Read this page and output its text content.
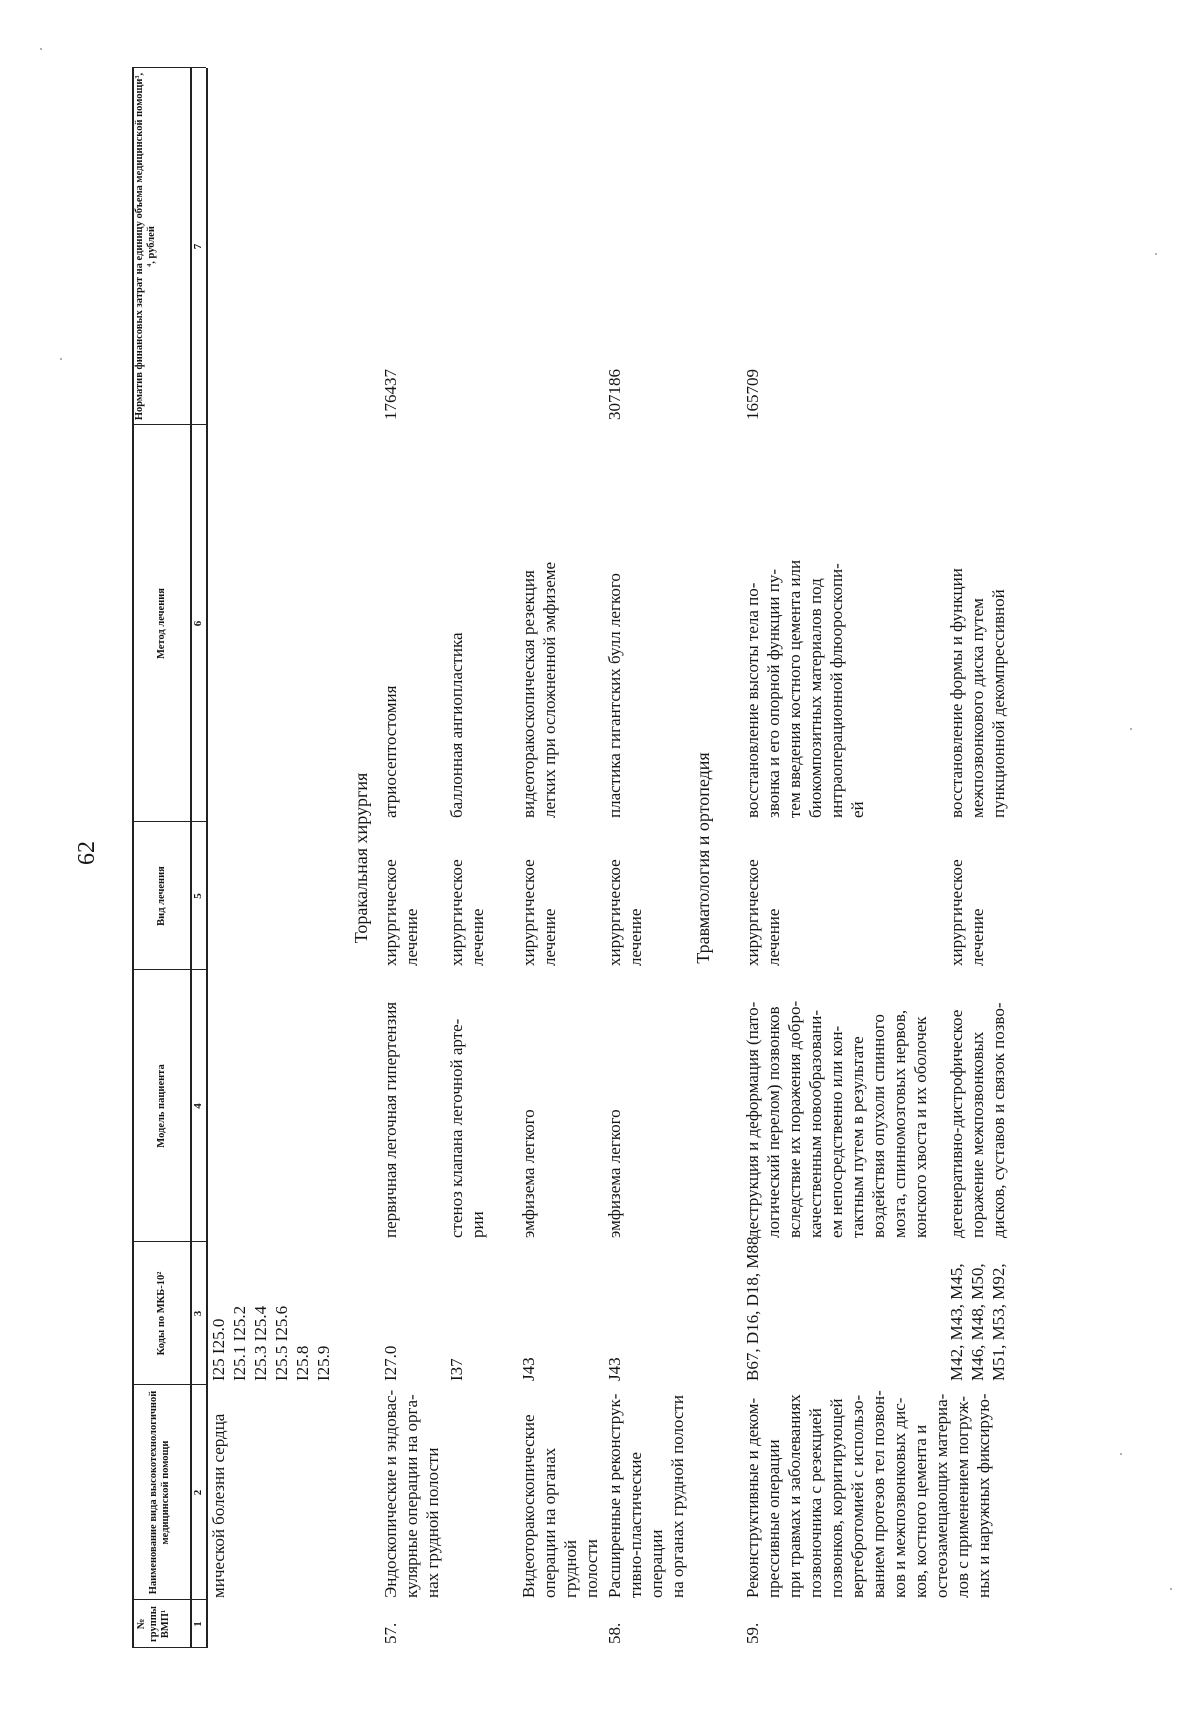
62
№ группы ВМП¹
Наименование вида высокотехнологичной медицинской помощи
Коды по МКБ-10²
Модель пациента
Вид лечения
Метод лечения
Норматив финансовых затрат на единицу объема медицинской помощи³, ⁴, рублей
1
2
3
4
5
6
7
мической болезни сердца
I25 I25.0
I25.1 I25.2
I25.3 I25.4
I25.5 I25.6
I25.8
I25.9
Торакальная хирургия
57.
Эндоскопические и эндовас-
кулярные операции на орга-
нах грудной полости
I27.0
первичная легочная гипертензия
хирургическое
лечение
атриосептостомия
176437
I37
стеноз клапана легочной арте-
рии
хирургическое
лечение
баллонная ангиопластика
Видеоторакоскопические
операции на органах грудной
полости
J43
эмфизема легкого
хирургическое
лечение
видеоторакоскопическая резекция
легких при осложненной эмфиземе
58.
Расширенные и реконструк-
тивно-пластические операции
на органах грудной полости
J43
эмфизема легкого
хирургическое
лечение
пластика гигантских булл легкого
307186
Травматология и ортопедия
59.
Реконструктивные и деком-
прессивные операции
при травмах и заболеваниях
позвоночника с резекцией
позвонков, корригирующей
вертебротомией с использо-
ванием протезов тел позвон-
ков и межпозвонковых дис-
ков, костного цемента и
остеозамещающих материа-
лов с применением погруж-
ных и наружных фиксирую-
B67, D16, D18, M88
деструкция и деформация (пато-
логический перелом) позвонков
вследствие их поражения добро-
качественным новообразовани-
ем непосредственно или кон-
тактным путем в результате
воздействия опухоли спинного
мозга, спинномозговых нервов,
конского хвоста и их оболочек
хирургическое
лечение
восстановление высоты тела по-
звонка и его опорной функции пу-
тем введения костного цемента или
биокомпозитных материалов под
интраоперационной флюороскопи-
ей
165709
M42, M43, M45,
M46, M48, M50,
M51, M53, M92,
дегенеративно-дистрофическое
поражение межпозвонковых
дисков, суставов и связок позво-
хирургическое
лечение
восстановление формы и функции
межпозвонкового диска путем
пункционной декомпрессивной
